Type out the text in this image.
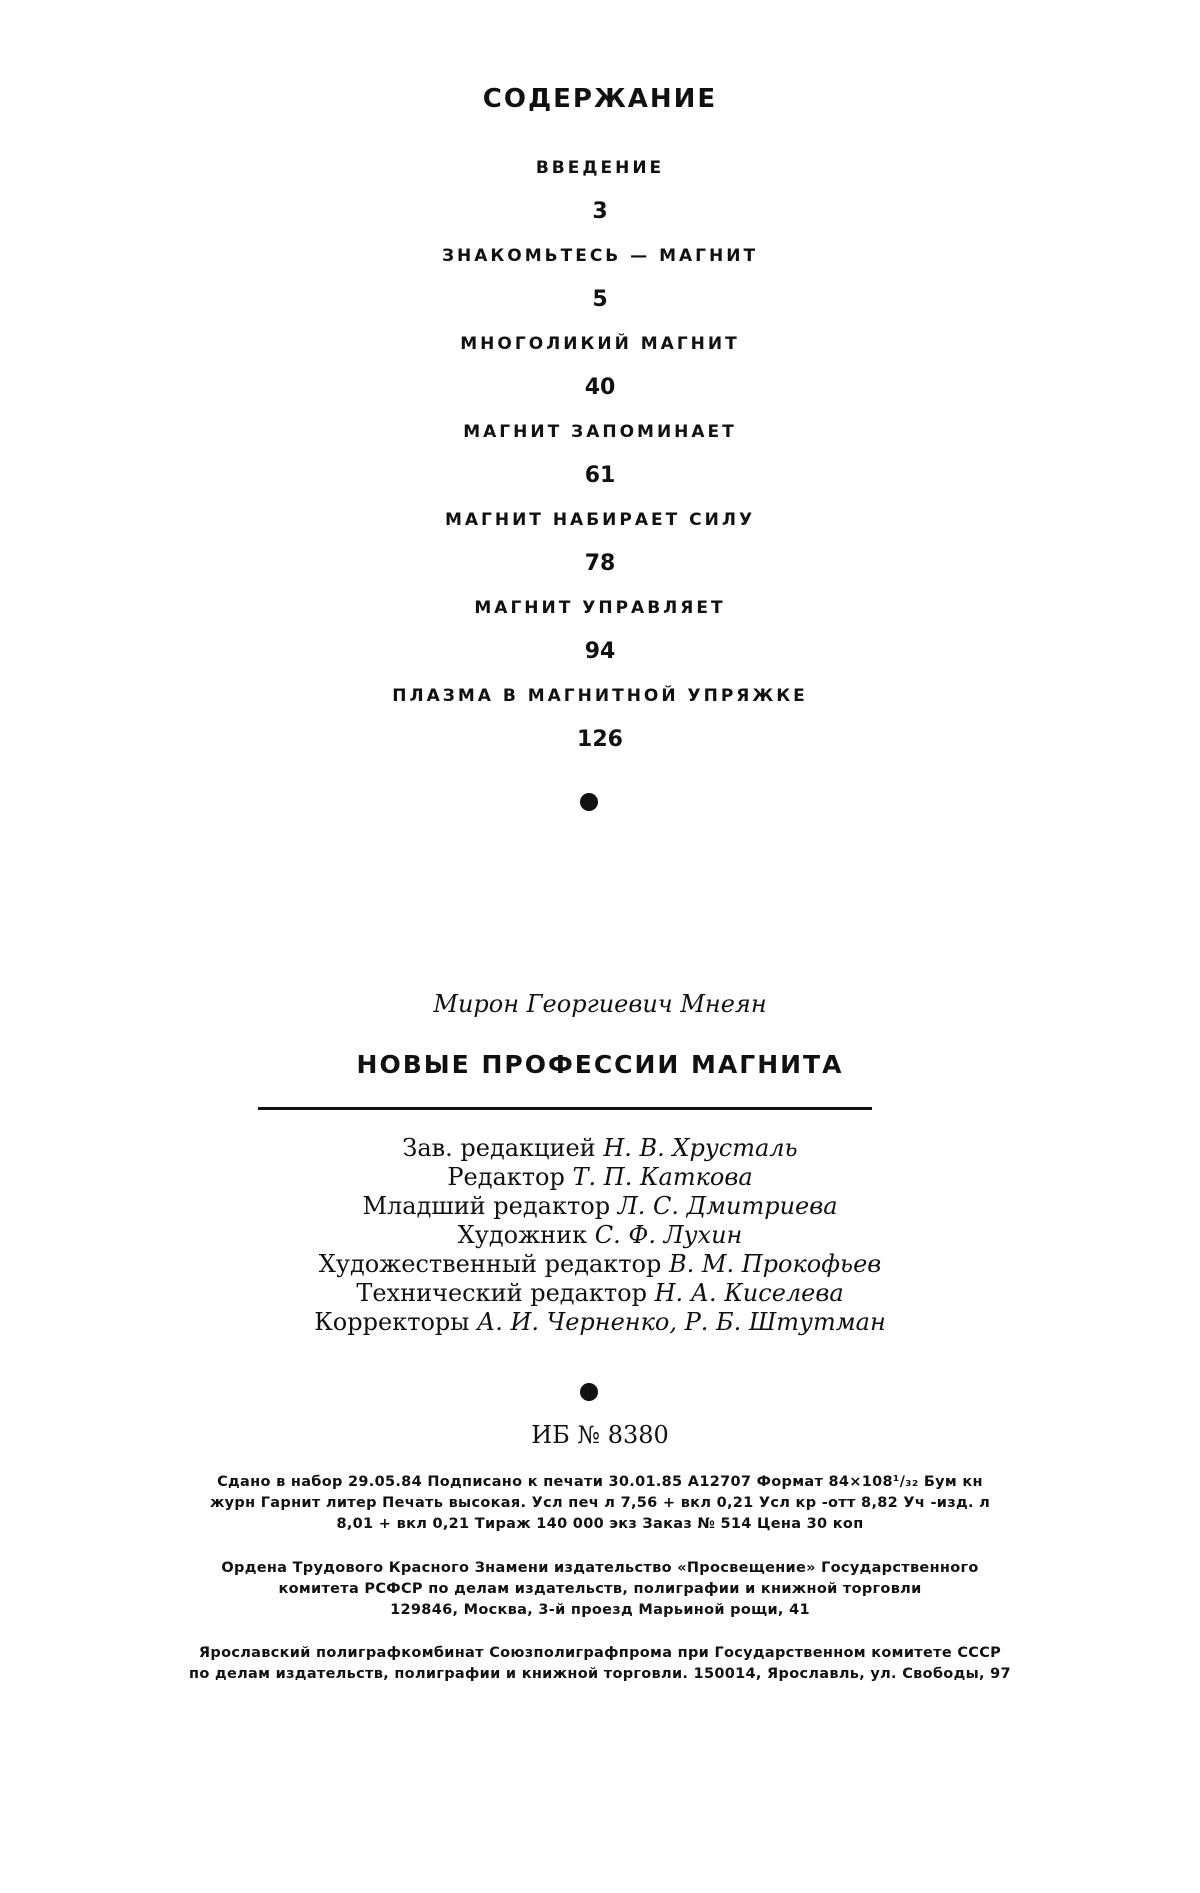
СОДЕРЖАНИЕ
ВВЕДЕНИЕ
3
ЗНАКОМЬТЕСЬ — МАГНИТ
5
МНОГОЛИКИЙ МАГНИТ
40
МАГНИТ ЗАПОМИНАЕТ
61
МАГНИТ НАБИРАЕТ СИЛУ
78
МАГНИТ УПРАВЛЯЕТ
94
ПЛАЗМА В МАГНИТНОЙ УПРЯЖКЕ
126
Мирон Георгиевич Мнеян
НОВЫЕ ПРОФЕССИИ МАГНИТА
Зав. редакцией Н. В. Хрусталь
Редактор Т. П. Каткова
Младший редактор Л. С. Дмитриева
Художник С. Ф. Лухин
Художественный редактор В. М. Прокофьев
Технический редактор Н. А. Киселева
Корректоры А. И. Черненко, Р. Б. Штутман
ИБ № 8380
Сдано в набор 29.05.84 Подписано к печати 30.01.85 А12707 Формат 84×108¹/₃₂ Бум кн
журн Гарнит литер Печать высокая. Усл печ л 7,56 + вкл 0,21 Усл кр -отт 8,82 Уч -изд. л
8,01 + вкл 0,21 Тираж 140 000 экз Заказ № 514 Цена 30 коп
Ордена Трудового Красного Знамени издательство «Просвещение» Государственного
комитета РСФСР по делам издательств, полиграфии и книжной торговли
129846, Москва, 3-й проезд Марьиной рощи, 41
Ярославский полиграфкомбинат Союзполиграфпрома при Государственном комитете СССР
по делам издательств, полиграфии и книжной торговли. 150014, Ярославль, ул. Свободы, 97
